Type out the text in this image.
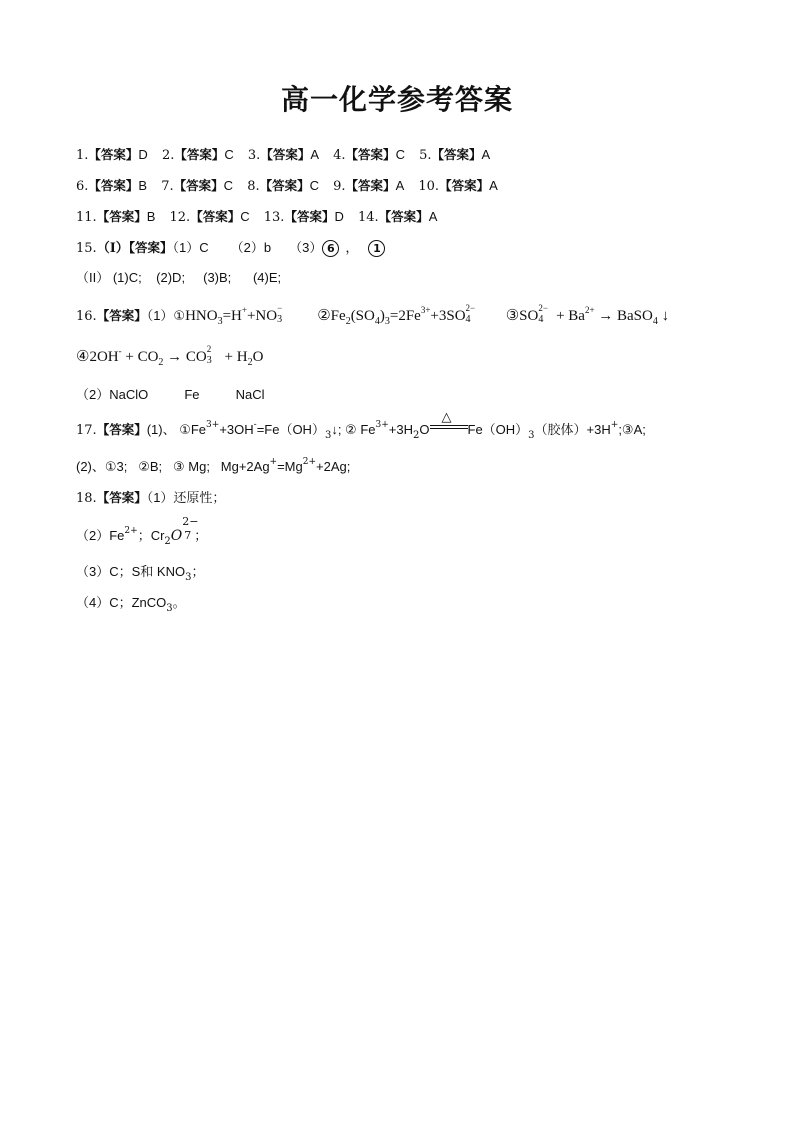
高一化学参考答案
1.【答案】D 2.【答案】C 3.【答案】A 4.【答案】C 5.【答案】A
6.【答案】B 7.【答案】C 8.【答案】C 9.【答案】A 10.【答案】A
11.【答案】B 12.【答案】C 13.【答案】D 14.【答案】A
15.（I）【答案】（1）C （2）b （3） 6 ， 1
（II） (1)C;    (2)D;     (3)B;      (4)E;
16.【答案】$(1)①HNO_3=H^++NO$ −
3 $②Fe_2(SO_4)_3=2Fe^{3+}+3SO$ 2−
4 ③SO 2−
$4 + Ba^{2+}$ → BaSO$_4$ ↓
④2OH- + $CO_2$ → CO 2
$3 + H_2O$
（2）NaClO          Fe          NaCl
17.【答案】(1)、 $①Fe^{3+}+3OH^-=Fe(OH)_3↓$; ② $Fe^{3+}+3H_2O$
△
$Fe(OH)_3$（胶体）+3H+;③A;
(2)、①3;   ②B;   ③ Mg;   $Mg+2Ag^+=Mg^{2+}+2Ag$;
18.【答案】（1）还原性；
$(2)Fe^{2+}$；$Cr_2O$
2−
7 ；
（3）C；S和 $KNO_3$；
（4）C；ZnCO$_3$。
